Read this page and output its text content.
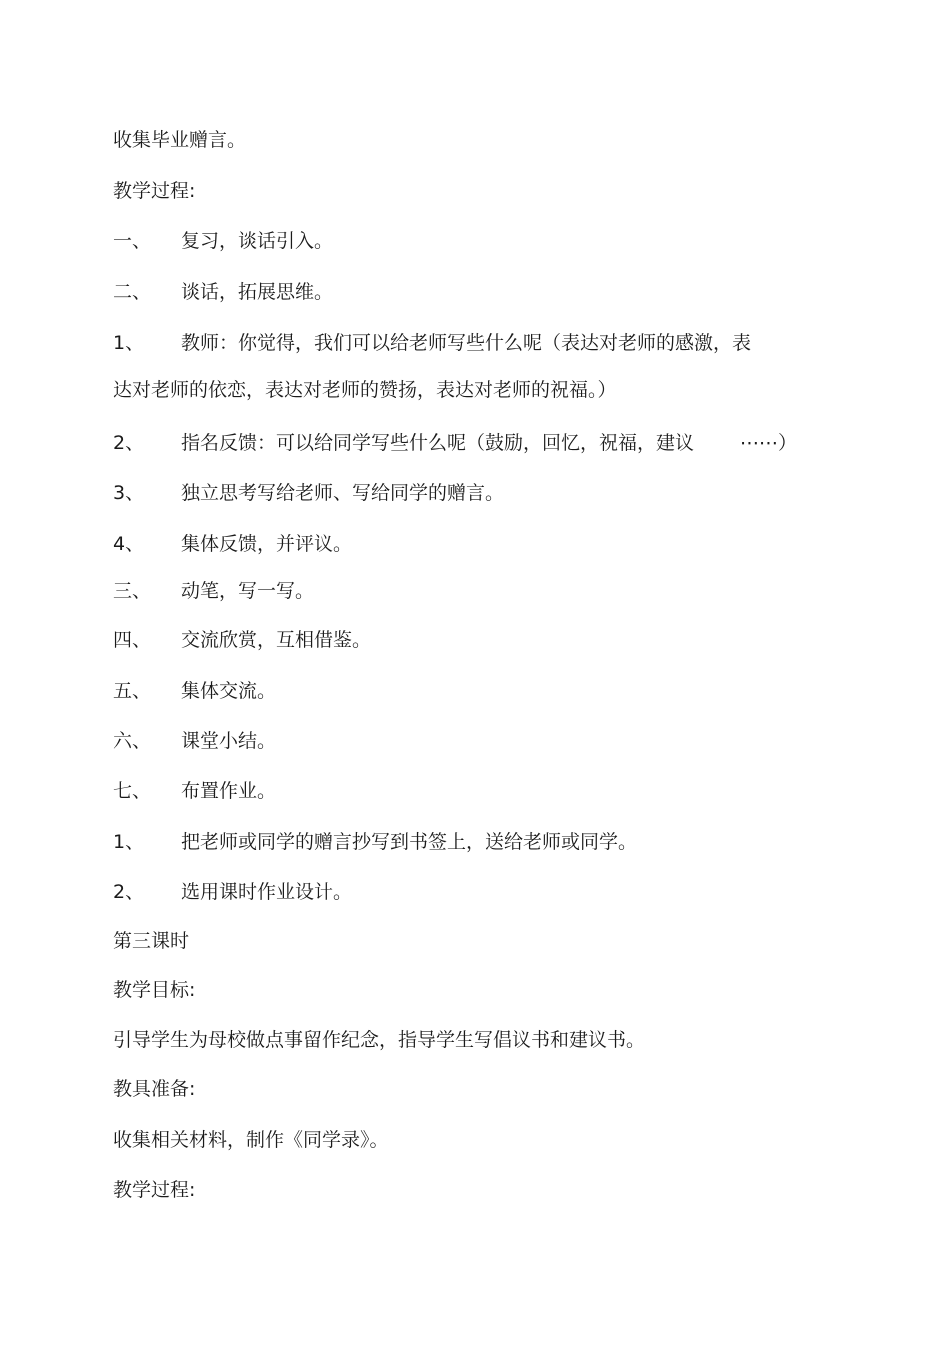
收集毕业赠言。
教学过程:
一、 复习，谈话引入。
二、 谈话，拓展思维。
1、 教师：你觉得，我们可以给老师写些什么呢（表达对老师的感激，表
达对老师的依恋，表达对老师的赞扬，表达对老师的祝福。）
2、 指名反馈：可以给同学写些什么呢（鼓励，回忆，祝福，建议 ⋯⋯）
3、 独立思考写给老师、写给同学的赠言。
4、 集体反馈，并评议。
三、 动笔，写一写。
四、 交流欣赏，互相借鉴。
五、 集体交流。
六、 课堂小结。
七、 布置作业。
1、 把老师或同学的赠言抄写到书签上，送给老师或同学。
2、 选用课时作业设计。
第三课时
教学目标:
引导学生为母校做点事留作纪念，指导学生写倡议书和建议书。
教具准备:
收集相关材料，制作《同学录》。
教学过程:
